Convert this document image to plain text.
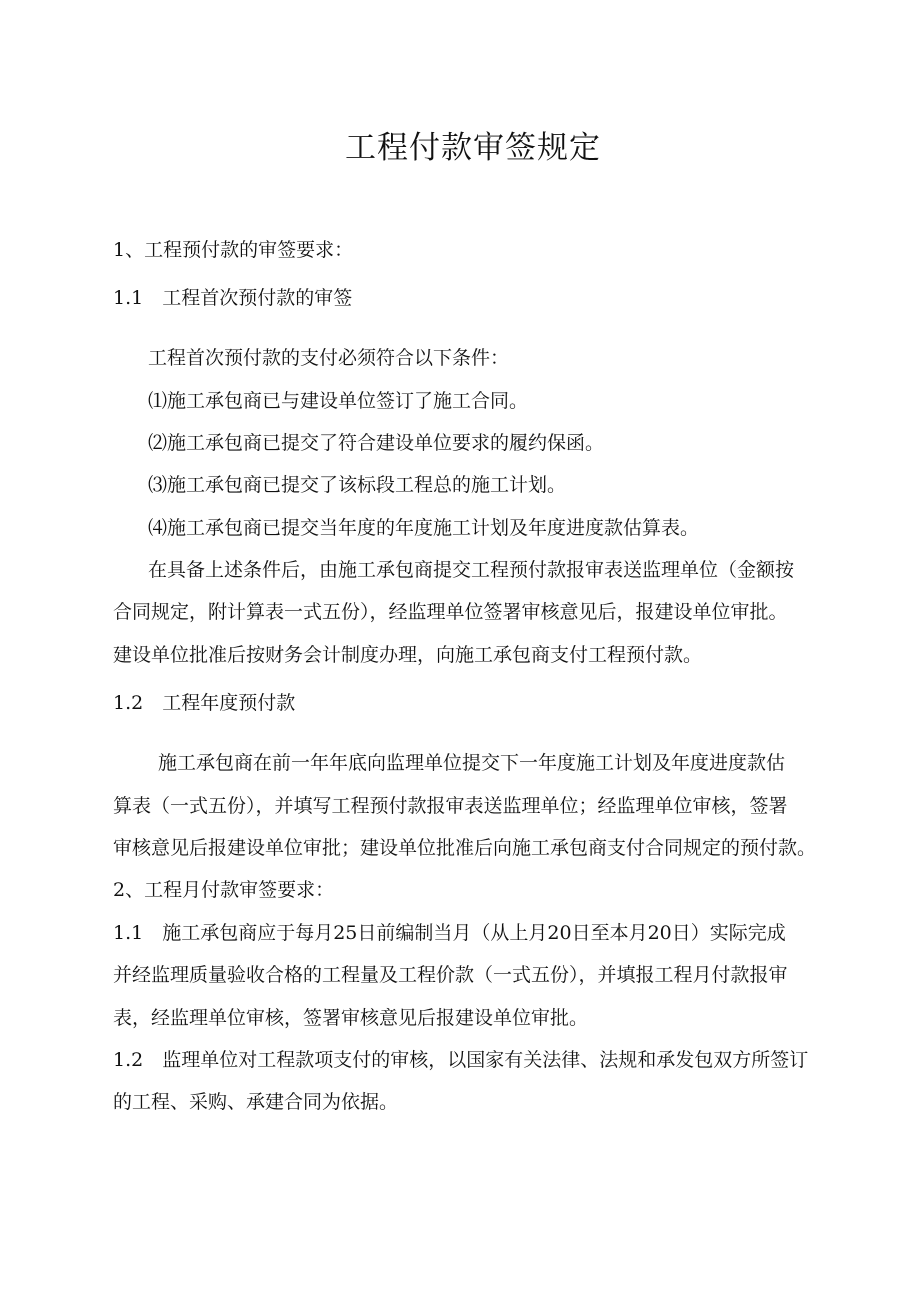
工程付款审签规定
1、工程预付款的审签要求：
1.1　工程首次预付款的审签
工程首次预付款的支付必须符合以下条件：
⑴施工承包商已与建设单位签订了施工合同。
⑵施工承包商已提交了符合建设单位要求的履约保函。
⑶施工承包商已提交了该标段工程总的施工计划。
⑷施工承包商已提交当年度的年度施工计划及年度进度款估算表。
在具备上述条件后，由施工承包商提交工程预付款报审表送监理单位（金额按
合同规定，附计算表一式五份），经监理单位签署审核意见后，报建设单位审批。
建设单位批准后按财务会计制度办理，向施工承包商支付工程预付款。
1.2　工程年度预付款
施工承包商在前一年年底向监理单位提交下一年度施工计划及年度进度款估
算表（一式五份），并填写工程预付款报审表送监理单位；经监理单位审核，签署
审核意见后报建设单位审批；建设单位批准后向施工承包商支付合同规定的预付款。
2、工程月付款审签要求：
1.1　施工承包商应于每月25日前编制当月（从上月20日至本月20日）实际完成
并经监理质量验收合格的工程量及工程价款（一式五份），并填报工程月付款报审
表，经监理单位审核，签署审核意见后报建设单位审批。
1.2　监理单位对工程款项支付的审核，以国家有关法律、法规和承发包双方所签订
的工程、采购、承建合同为依据。
